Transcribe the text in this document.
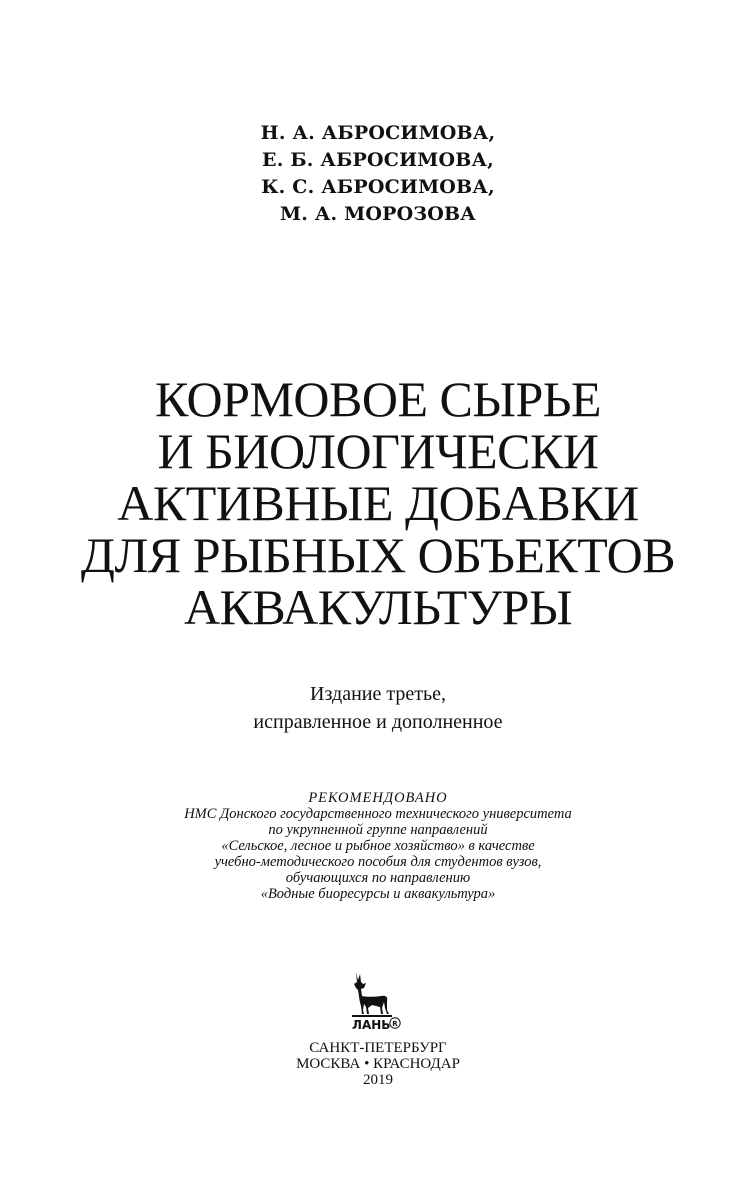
Н. А. АБРОСИМОВА,
Е. Б. АБРОСИМОВА,
К. С. АБРОСИМОВА,
М. А. МОРОЗОВА
КОРМОВОЕ СЫРЬЕ
И БИОЛОГИЧЕСКИ
АКТИВНЫЕ ДОБАВКИ
ДЛЯ РЫБНЫХ ОБЪЕКТОВ
АКВАКУЛЬТУРЫ
Издание третье,
исправленное и дополненное
РЕКОМЕНДОВАНО
НМС Донского государственного технического университета
по укрупненной группе направлений
«Сельское, лесное и рыбное хозяйство» в качестве
учебно-методического пособия для студентов вузов,
обучающихся по направлению
«Водные биоресурсы и аквакультура»
ЛАНЬ R
САНКТ-ПЕТЕРБУРГ
МОСКВА • КРАСНОДАР
2019
